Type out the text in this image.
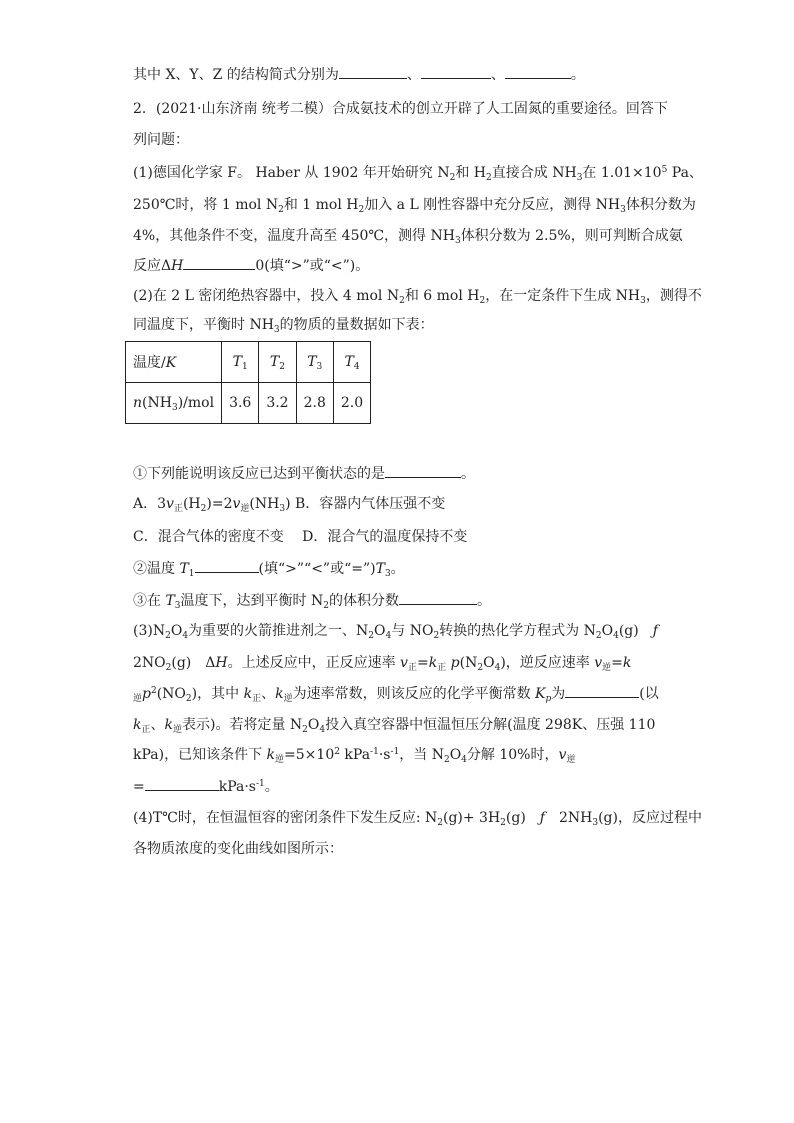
其中 X、Y、Z 的结构简式分别为	、	、	。
2．(2021·山东济南 统考二模）合成氨技术的创立开辟了人工固氮的重要途径。回答下
列问题：
(1)德国化学家 F。 Haber 从 1902 年开始研究 $N_2$和 $H_2$直接合成 $NH_3$在 $1.01\times 10^5$ Pa、
250℃时，将 1 mol $N_2$和 1 mol $H_2$加入 a L 刚性容器中充分反应，测得 $NH_3$体积分数为
4%，其他条件不变，温度升高至 450℃，测得 $NH_3$体积分数为 2.5%，则可判断合成氨
反应ΔH	0(填“>”或“<”)。
(2)在 2 L 密闭绝热容器中，投入 4 mol $N_2$和 6 mol $H_2$，在一定条件下生成 $NH_3$，测得不
同温度下，平衡时 $NH_3$的物质的量数据如下表：
温度/K	$T_1$	$T_2$	$T_3$	$T_4$
$n(NH_3)$/mol	3.6	3.2	2.8	2.0
①下列能说明该反应已达到平衡状态的是	。
A．$3v_正(H_2)=2v_逆(NH_3)$ B．容器内气体压强不变
C．混合气体的密度不变　 D．混合气的温度保持不变
②温度 $T_1$	(填“>”“<”或“$=”)T_3$。
③在 $T_3$温度下，达到平衡时 $N_2$的体积分数	。
$(3)N_2O_4$为重要的火箭推进剂之一、$N_2O_4$与 $NO_2$转换的热化学方程式为 $N_2O_4(g)$　ƒ
$2NO_2(g)$　ΔH。上述反应中，正反应速率 $v_正=k_正$ $p(N_2O_4)$，逆反应速率 $v_逆=k$
$_逆p^2(NO_2)$，其中 $k_正$、$k_逆$为速率常数，则该反应的化学平衡常数 $K_p$为	(以
$k_正$、$k_逆$表示)。若将定量 $N_2O_4$投入真空容器中恒温恒压分解(温度 298K、压强 110
kPa)，已知该条件下 $k_逆=5\times 10^2$ $kPa^{-1}\cdot s^{-1}$，当 $N_2O_4$分解 10%时，$v_逆$
=	$kPa\cdot s^{-1}$。
(4)T℃时，在恒温恒容的密闭条件下发生反应: $N_2(g)+ 3H_2(g)$　ƒ　$2NH_3(g)$，反应过程中
各物质浓度的变化曲线如图所示：
